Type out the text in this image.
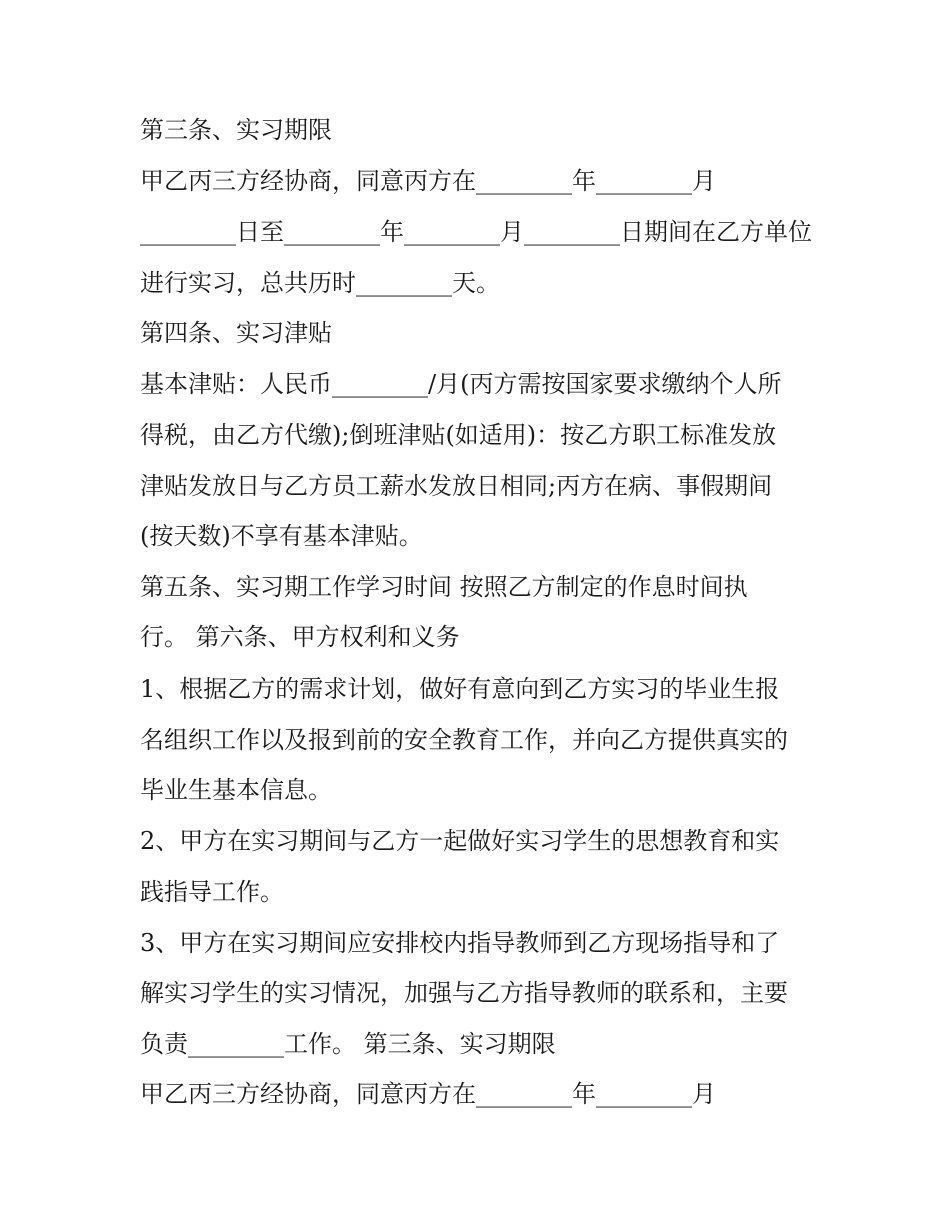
第三条、实习期限
甲乙丙三方经协商，同意丙方在________年________月
________日至________年________月________日期间在乙方单位
进行实习，总共历时________天。
第四条、实习津贴
基本津贴：人民币________/月(丙方需按国家要求缴纳个人所
得税，由乙方代缴);倒班津贴(如适用)：按乙方职工标准发放
津贴发放日与乙方员工薪水发放日相同;丙方在病、事假期间
(按天数)不享有基本津贴。
第五条、实习期工作学习时间 按照乙方制定的作息时间执
行。 第六条、甲方权利和义务
1、根据乙方的需求计划，做好有意向到乙方实习的毕业生报
名组织工作以及报到前的安全教育工作，并向乙方提供真实的
毕业生基本信息。
2、甲方在实习期间与乙方一起做好实习学生的思想教育和实
践指导工作。
3、甲方在实习期间应安排校内指导教师到乙方现场指导和了
解实习学生的实习情况，加强与乙方指导教师的联系和，主要
负责________工作。 第三条、实习期限
甲乙丙三方经协商，同意丙方在________年________月
